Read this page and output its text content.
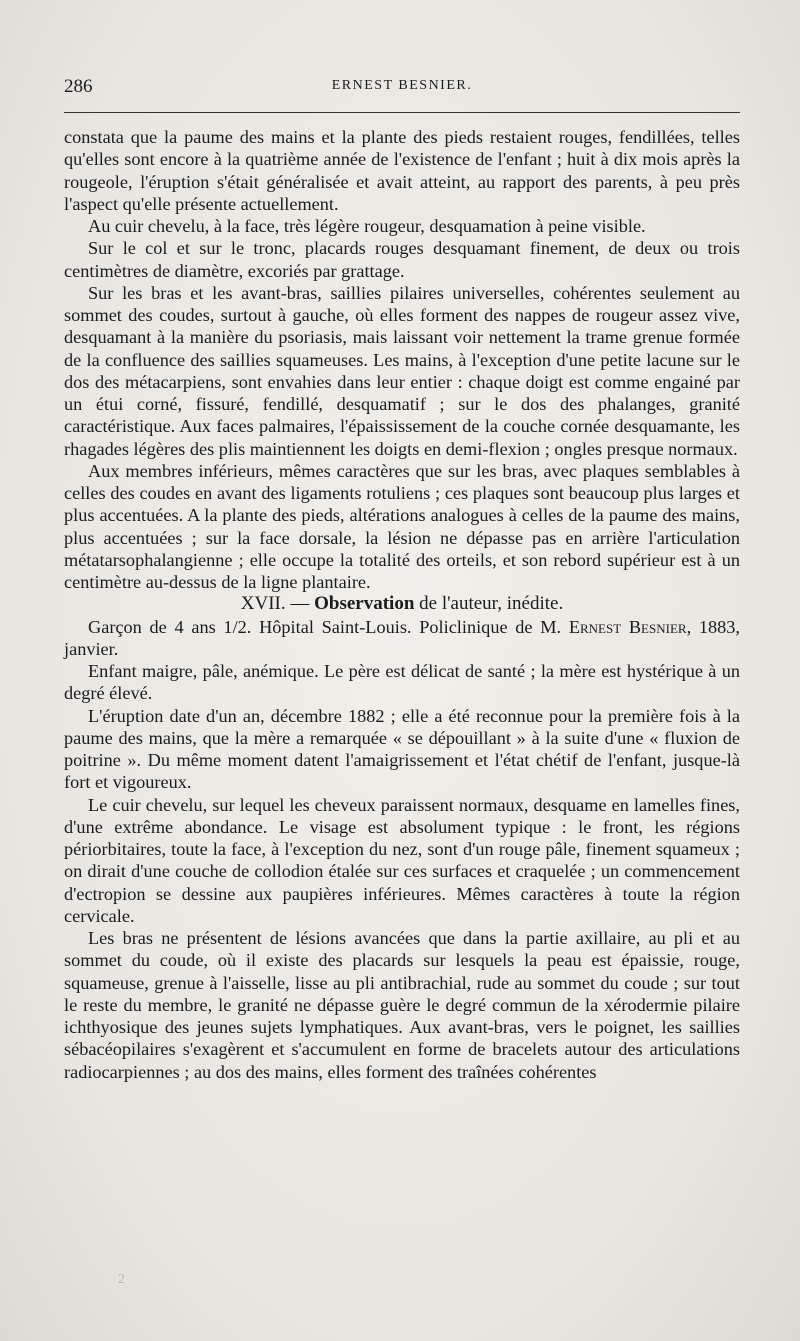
286	ERNEST BESNIER.

constata que la paume des mains et la plante des pieds restaient rouges, fendillées, telles qu'elles sont encore à la quatrième année de l'existence de l'enfant ; huit à dix mois après la rougeole, l'éruption s'était généralisée et avait atteint, au rapport des parents, à peu près l'aspect qu'elle présente actuellement.

Au cuir chevelu, à la face, très légère rougeur, desquamation à peine visible.

Sur le col et sur le tronc, placards rouges desquamant finement, de deux ou trois centimètres de diamètre, excoriés par grattage.

Sur les bras et les avant-bras, saillies pilaires universelles, cohérentes seulement au sommet des coudes, surtout à gauche, où elles forment des nappes de rougeur assez vive, desquamant à la manière du psoriasis, mais laissant voir nettement la trame grenue formée de la confluence des saillies squameuses. Les mains, à l'exception d'une petite lacune sur le dos des métacarpiens, sont envahies dans leur entier : chaque doigt est comme engainé par un étui corné, fissuré, fendillé, desquamatif ; sur le dos des phalanges, granité caractéristique. Aux faces palmaires, l'épaississement de la couche cornée desquamante, les rhagades légères des plis maintiennent les doigts en demi-flexion ; ongles presque normaux.

Aux membres inférieurs, mêmes caractères que sur les bras, avec plaques semblables à celles des coudes en avant des ligaments rotuliens ; ces plaques sont beaucoup plus larges et plus accentuées. A la plante des pieds, altérations analogues à celles de la paume des mains, plus accentuées ; sur la face dorsale, la lésion ne dépasse pas en arrière l'articulation métatarsophalangienne ; elle occupe la totalité des orteils, et son rebord supérieur est à un centimètre au-dessus de la ligne plantaire.

XVII. — Observation de l'auteur, inédite.

Garçon de 4 ans 1/2. Hôpital Saint-Louis. Policlinique de M. Ernest Besnier, 1883, janvier.

Enfant maigre, pâle, anémique. Le père est délicat de santé ; la mère est hystérique à un degré élevé.

L'éruption date d'un an, décembre 1882 ; elle a été reconnue pour la première fois à la paume des mains, que la mère a remarquée « se dépouillant » à la suite d'une « fluxion de poitrine ». Du même moment datent l'amaigrissement et l'état chétif de l'enfant, jusque-là fort et vigoureux.

Le cuir chevelu, sur lequel les cheveux paraissent normaux, desquame en lamelles fines, d'une extrême abondance. Le visage est absolument typique : le front, les régions périorbitaires, toute la face, à l'exception du nez, sont d'un rouge pâle, finement squameux ; on dirait d'une couche de collodion étalée sur ces surfaces et craquelée ; un commencement d'ectropion se dessine aux paupières inférieures. Mêmes caractères à toute la région cervicale.

Les bras ne présentent de lésions avancées que dans la partie axillaire, au pli et au sommet du coude, où il existe des placards sur lesquels la peau est épaissie, rouge, squameuse, grenue à l'aisselle, lisse au pli antibrachial, rude au sommet du coude ; sur tout le reste du membre, le granité ne dépasse guère le degré commun de la xérodermie pilaire ichthyosique des jeunes sujets lymphatiques. Aux avant-bras, vers le poignet, les saillies sébacéopilaires s'exagèrent et s'accumulent en forme de bracelets autour des articulations radiocarpiennes ; au dos des mains, elles forment des traînées cohérentes

2
